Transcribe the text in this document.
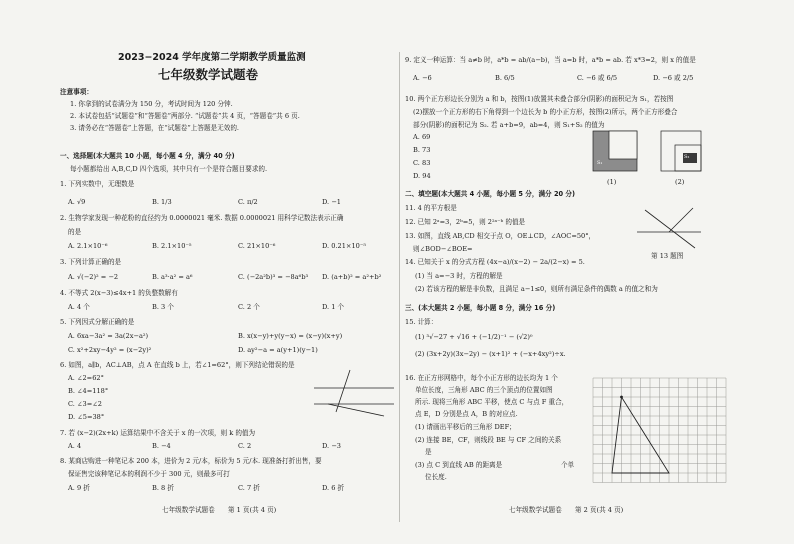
2023−2024 学年度第二学期教学质量监测
七年级数学试题卷
注意事项：
1. 你拿到的试卷满分为 150 分，考试时间为 120 分钟.
2. 本试卷包括“试题卷”和“答题卷”两部分. “试题卷”共 4 页，“答题卷”共 6 页.
3. 请务必在“答题卷”上答题，在“试题卷”上答题是无效的.
一、选择题(本大题共 10 小题，每小题 4 分，满分 40 分)
每小题都给出 A,B,C,D 四个选项，其中只有一个是符合题目要求的.
1. 下列实数中，无理数是
A. √9	B. 1/3	C. π/2	D. −1
2. 生物学家发现一种花粉的直径约为 0.0000021 毫米. 数据 0.0000021 用科学记数法表示正确
的是
A. 2.1×10⁻⁶	B. 2.1×10⁻⁵	C. 21×10⁻⁶	D. 0.21×10⁻⁵
3. 下列计算正确的是
A. √(−2)² = −2	B. a³·a² = a⁶	C. (−2a²b)³ = −8a⁶b³ D. (a+b)² = a²+b²
4. 不等式 2(x−3)≤4x+1 的负整数解有
A. 4 个	B. 3 个	C. 2 个	D. 1 个
5. 下列因式分解正确的是
A. 6xa−3a² = 3a(2x−a²)	B. x(x−y)+y(y−x) = (x−y)(x+y)
C. x²+2xy−4y² = (x−2y)²	D. ay²−a = a(y+1)(y−1)
6. 如图，a∥b，AC⊥AB，点 A 在直线 b 上，若∠1=62°，则下列结论错误的是
A. ∠2=62°
B. ∠4=118°
C. ∠3=∠2
D. ∠5=38°
7. 若 (x−2)(2x+k) 运算结果中不含关于 x 的一次项，则 k 的值为
A. 4	B. −4	C. 2	D. −3
8. 某商店购进一种笔记本 200 本，进价为 2 元/本，标价为 5 元/本. 现准备打折出售，要
保证售完该种笔记本的利润不少于 300 元，则最多可打
A. 9 折	B. 8 折	C. 7 折	D. 6 折
七年级数学试题卷　　第 1 页(共 4 页)
9. 定义一种运算：当 a≠b 时，a*b = ab/(a−b)，当 a=b 时，a*b = ab. 若 x*3=2，则 x 的值是
A. −6	B. 6/5	C. −6 或 6/5	D. −6 或 2/5
10. 两个正方形边长分别为 a 和 b，按图(1)放置其未叠合部分(阴影)的面积记为 S₁，若按图
(2)摆放一个正方形的右下角得到一个边长为 b 的小正方形，按图(2)所示，两个正方形叠合
部分(阴影)的面积记为 S₂. 若 a+b=9，ab=4，则 S₁+S₂ 的值为
A. 69
B. 73
C. 83
D. 94
S₁
S₂
(1)	(2)
二、填空题(本大题共 4 小题，每小题 5 分，满分 20 分)
11. 4 的平方根是
12. 已知 2ᵃ=3，2ᵇ=5，则 2²ᵃ⁻ᵇ 的值是
13. 如图，直线 AB,CD 相交于点 O，OE⊥CD，∠AOC=50°，
则∠BOD−∠BOE=
第 13 题图
14. 已知关于 x 的分式方程 (4x−a)/(x−2) − 2a/(2−x) = 5.
(1) 当 a=−3 时，方程的解是
(2) 若该方程的解是非负数，且满足 a−1≤0，则所有满足条件的偶数 a 的值之和为
三、(本大题共 2 小题，每小题 8 分，满分 16 分)
15. 计算：
(1) ³√−27 + √16 + (−1/2)⁻¹ − (√2)⁰
(2) (3x+2y)(3x−2y) − (x+1)² + (−x+4xy²)÷x.
16. 在正方形网格中，每个小正方形的边长均为 1 个
单位长度，三角形 ABC 的三个顶点的位置如图
所示. 现将三角形 ABC 平移，使点 C 与点 F 重合，
点 E，D 分别是点 A，B 的对应点.
(1) 请画出平移后的三角形 DEF；
(2) 连接 BE，CF，则线段 BE 与 CF 之间的关系
是
(3) 点 C 到直线 AB 的距离是	个单
位长度.
七年级数学试题卷　　第 2 页(共 4 页)
